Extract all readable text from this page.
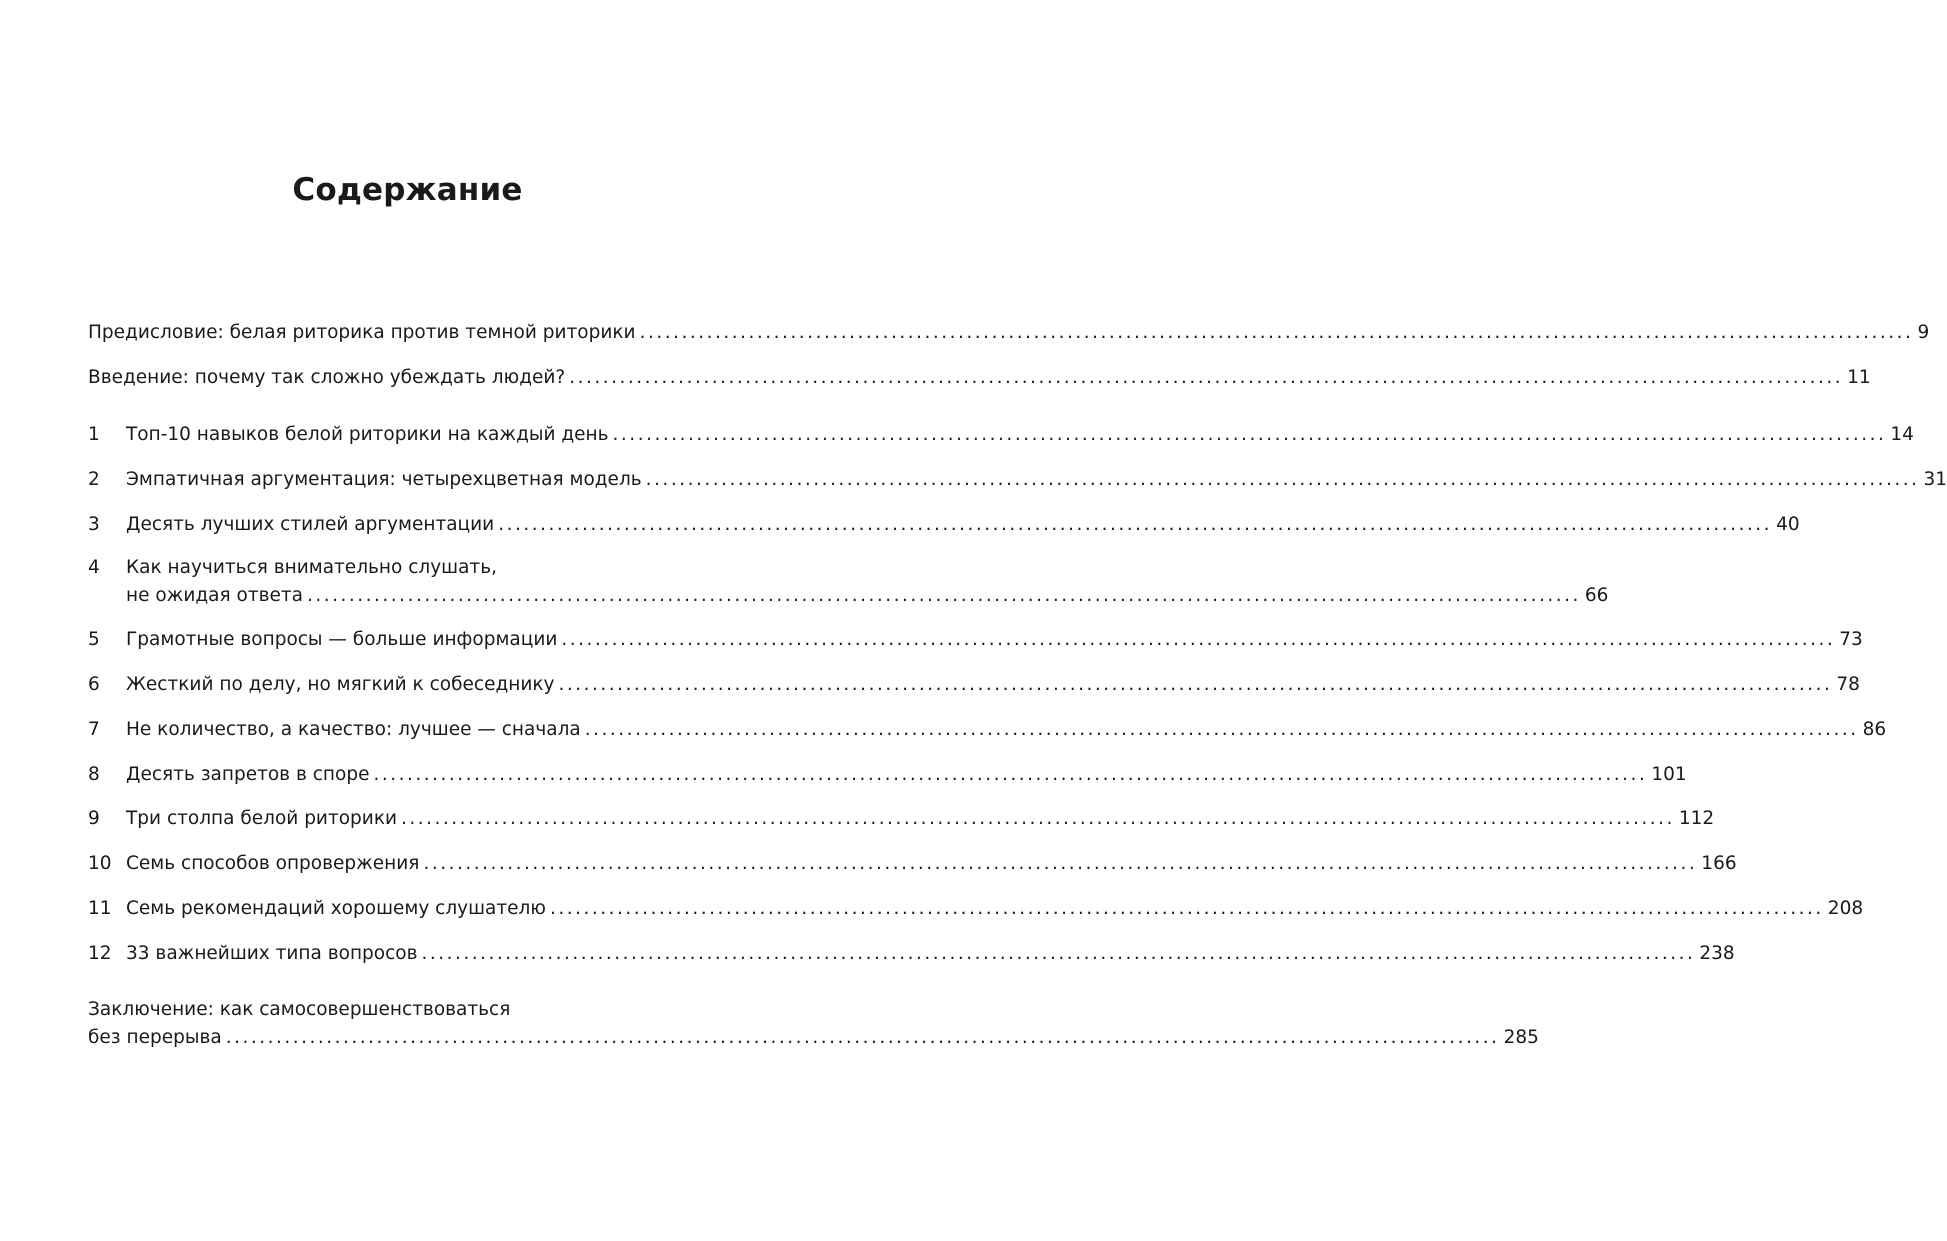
Содержание
Предисловие: белая риторика против темной риторики ........................................................................................................................................................ 9
Введение: почему так сложно убеждать людей? ........................................................................................................................................................ 11
1	Топ-10 навыков белой риторики на каждый день ........................................................................................................................................................ 14
2	Эмпатичная аргументация: четырехцветная модель ........................................................................................................................................................ 31
3	Десять лучших стилей аргументации ........................................................................................................................................................ 40
4	Как научиться внимательно слушать,
не ожидая ответа ........................................................................................................................................................ 66
5	Грамотные вопросы — больше информации ........................................................................................................................................................ 73
6	Жесткий по делу, но мягкий к собеседнику ........................................................................................................................................................ 78
7	Не количество, а качество: лучшее — сначала ........................................................................................................................................................ 86
8	Десять запретов в споре ........................................................................................................................................................ 101
9	Три столпа белой риторики ........................................................................................................................................................ 112
10 Семь способов опровержения ........................................................................................................................................................ 166
11 Семь рекомендаций хорошему слушателю ........................................................................................................................................................ 208
12 33 важнейших типа вопросов ........................................................................................................................................................ 238
Заключение: как самосовершенствоваться
без перерыва ........................................................................................................................................................ 285
